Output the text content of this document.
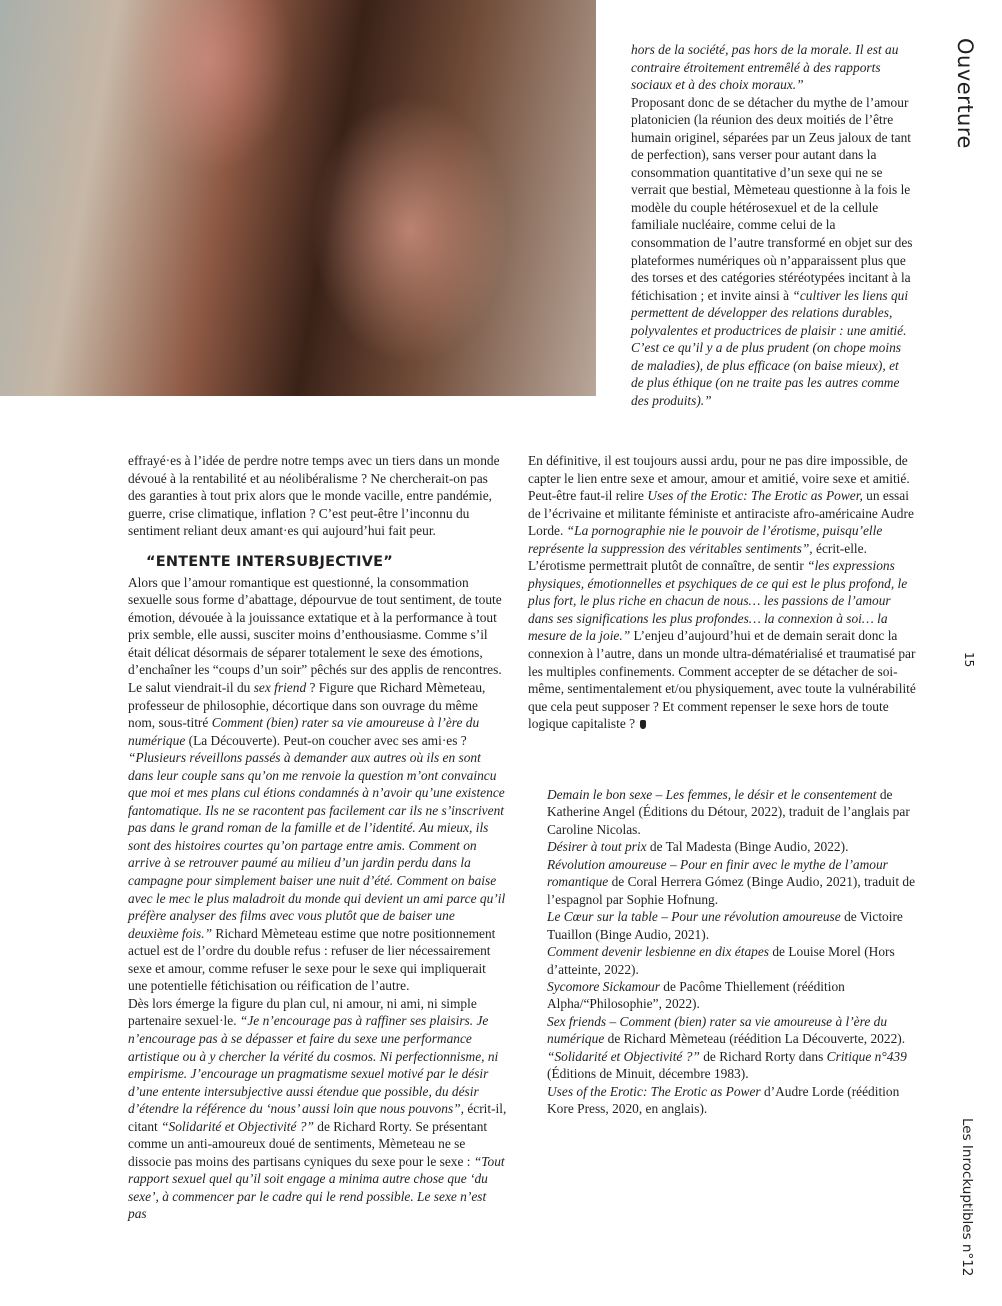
hors de la société, pas hors de la morale. Il est au contraire étroitement entremêlé à des rapports sociaux et à des choix moraux.”

Proposant donc de se détacher du mythe de l’amour platonicien (la réunion des deux moitiés de l’être humain originel, séparées par un Zeus jaloux de tant de perfection), sans verser pour autant dans la consommation quantitative d’un sexe qui ne se verrait que bestial, Mèmeteau questionne à la fois le modèle du couple hétérosexuel et de la cellule familiale nucléaire, comme celui de la consommation de l’autre transformé en objet sur des plateformes numériques où n’apparaissent plus que des torses et des catégories stéréotypées incitant à la fétichisation ; et invite ainsi à “cultiver les liens qui permettent de développer des relations durables, polyvalentes et productrices de plaisir : une amitié. C’est ce qu’il y a de plus prudent (on chope moins de maladies), de plus efficace (on baise mieux), et de plus éthique (on ne traite pas les autres comme des produits).”

effrayé·es à l’idée de perdre notre temps avec un tiers dans un monde dévoué à la rentabilité et au néolibéralisme ? Ne chercherait-on pas des garanties à tout prix alors que le monde vacille, entre pandémie, guerre, crise climatique, inflation ? C’est peut-être l’inconnu du sentiment reliant deux amant·es qui aujourd’hui fait peur.

“ENTENTE INTERSUBJECTIVE”

Alors que l’amour romantique est questionné, la consommation sexuelle sous forme d’abattage, dépourvue de tout sentiment, de toute émotion, dévouée à la jouissance extatique et à la performance à tout prix semble, elle aussi, susciter moins d’enthousiasme. Comme s’il était délicat désormais de séparer totalement le sexe des émotions, d’enchaîner les “coups d’un soir” pêchés sur des applis de rencontres. Le salut viendrait-il du sex friend ? Figure que Richard Mèmeteau, professeur de philosophie, décortique dans son ouvrage du même nom, sous-titré Comment (bien) rater sa vie amoureuse à l’ère du numérique (La Découverte). Peut-on coucher avec ses ami·es ? “Plusieurs réveillons passés à demander aux autres où ils en sont dans leur couple sans qu’on me renvoie la question m’ont convaincu que moi et mes plans cul étions condamnés à n’avoir qu’une existence fantomatique. Ils ne se racontent pas facilement car ils ne s’inscrivent pas dans le grand roman de la famille et de l’identité. Au mieux, ils sont des histoires courtes qu’on partage entre amis. Comment on arrive à se retrouver paumé au milieu d’un jardin perdu dans la campagne pour simplement baiser une nuit d’été. Comment on baise avec le mec le plus maladroit du monde qui devient un ami parce qu’il préfère analyser des films avec vous plutôt que de baiser une deuxième fois.” Richard Mèmeteau estime que notre positionnement actuel est de l’ordre du double refus : refuser de lier nécessairement sexe et amour, comme refuser le sexe pour le sexe qui impliquerait une potentielle fétichisation ou réification de l’autre.

Dès lors émerge la figure du plan cul, ni amour, ni ami, ni simple partenaire sexuel·le. “Je n’encourage pas à raffiner ses plaisirs. Je n’encourage pas à se dépasser et faire du sexe une performance artistique ou à y chercher la vérité du cosmos. Ni perfectionnisme, ni empirisme. J’encourage un pragmatisme sexuel motivé par le désir d’une entente intersubjective aussi étendue que possible, du désir d’étendre la référence du ‘nous’ aussi loin que nous pouvons”, écrit-il, citant “Solidarité et Objectivité ?” de Richard Rorty. Se présentant comme un anti-amoureux doué de sentiments, Mèmeteau ne se dissocie pas moins des partisans cyniques du sexe pour le sexe : “Tout rapport sexuel quel qu’il soit engage a minima autre chose que ‘du sexe’, à commencer par le cadre qui le rend possible. Le sexe n’est pas

En définitive, il est toujours aussi ardu, pour ne pas dire impossible, de capter le lien entre sexe et amour, amour et amitié, voire sexe et amitié. Peut-être faut-il relire Uses of the Erotic: The Erotic as Power, un essai de l’écrivaine et militante féministe et antiraciste afro-américaine Audre Lorde. “La pornographie nie le pouvoir de l’érotisme, puisqu’elle représente la suppression des véritables sentiments”, écrit-elle. L’érotisme permettrait plutôt de connaître, de sentir “les expressions physiques, émotionnelles et psychiques de ce qui est le plus profond, le plus fort, le plus riche en chacun de nous… les passions de l’amour dans ses significations les plus profondes… la connexion à soi… la mesure de la joie.” L’enjeu d’aujourd’hui et de demain serait donc la connexion à l’autre, dans un monde ultra-dématérialisé et traumatisé par les multiples confinements. Comment accepter de se détacher de soi-même, sentimentalement et/ou physiquement, avec toute la vulnérabilité que cela peut supposer ? Et comment repenser le sexe hors de toute logique capitaliste ?

Demain le bon sexe – Les femmes, le désir et le consentement de Katherine Angel (Éditions du Détour, 2022), traduit de l’anglais par Caroline Nicolas.

Désirer à tout prix de Tal Madesta (Binge Audio, 2022).

Révolution amoureuse – Pour en finir avec le mythe de l’amour romantique de Coral Herrera Gómez (Binge Audio, 2021), traduit de l’espagnol par Sophie Hofnung.

Le Cœur sur la table – Pour une révolution amoureuse de Victoire Tuaillon (Binge Audio, 2021).

Comment devenir lesbienne en dix étapes de Louise Morel (Hors d’atteinte, 2022).

Sycomore Sickamour de Pacôme Thiellement (réédition Alpha/“Philosophie”, 2022).

Sex friends – Comment (bien) rater sa vie amoureuse à l’ère du numérique de Richard Mèmeteau (réédition La Découverte, 2022).

“Solidarité et Objectivité ?” de Richard Rorty dans Critique n°439 (Éditions de Minuit, décembre 1983).

Uses of the Erotic: The Erotic as Power d’Audre Lorde (réédition Kore Press, 2020, en anglais).

Ouverture
15
Les Inrockuptibles n°12
